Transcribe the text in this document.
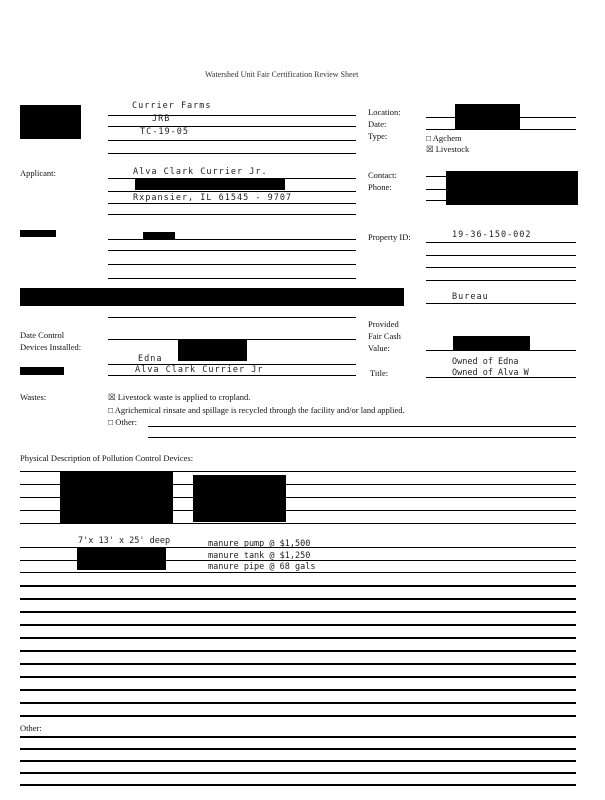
Watershed Unit Fair Certification Review Sheet
Currier Farms
JRB
TC-19-05
Location:
Date:
Type:	□ Agchem
☒ Livestock
Applicant:	Alva Clark Currier Jr.
Rxpansier, IL 61545 - 9707
Contact:
Phone:
Property ID:	19-36-150-002
Bureau
Date Control
Devices Installed:
Edna
Alva Clark Currier Jr
Provided
Fair Cash
Value:
Owned of Edna
Title:	Owned of Alva W
Wastes:	☒ Livestock waste is applied to cropland.
□ Agrichemical rinsate and spillage is recycled through the facility and/or land applied.
□ Other:
Physical Description of Pollution Control Devices:
7'x 13' x 25' deep	manure pump @ $1,500
manure tank @ $1,250
manure pipe @ 68 gals
Other:
